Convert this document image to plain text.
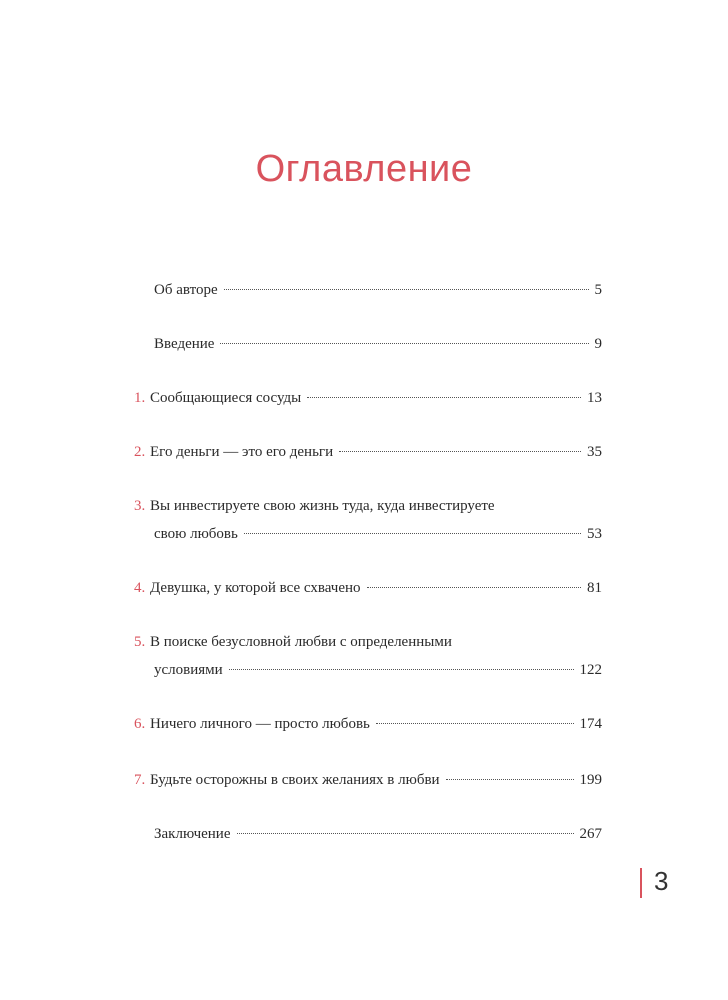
Оглавление
Об авторе	5
Введение	9
1. Сообщающиеся сосуды	13
2. Его деньги — это его деньги	35
3. Вы инвестируете свою жизнь туда, куда инвестируете
свою любовь	53
4. Девушка, у которой все схвачено	81
5. В поиске безусловной любви с определенными
условиями	122
6. Ничего личного — просто любовь	174
7. Будьте осторожны в своих желаниях в любви	199
Заключение	267
3
